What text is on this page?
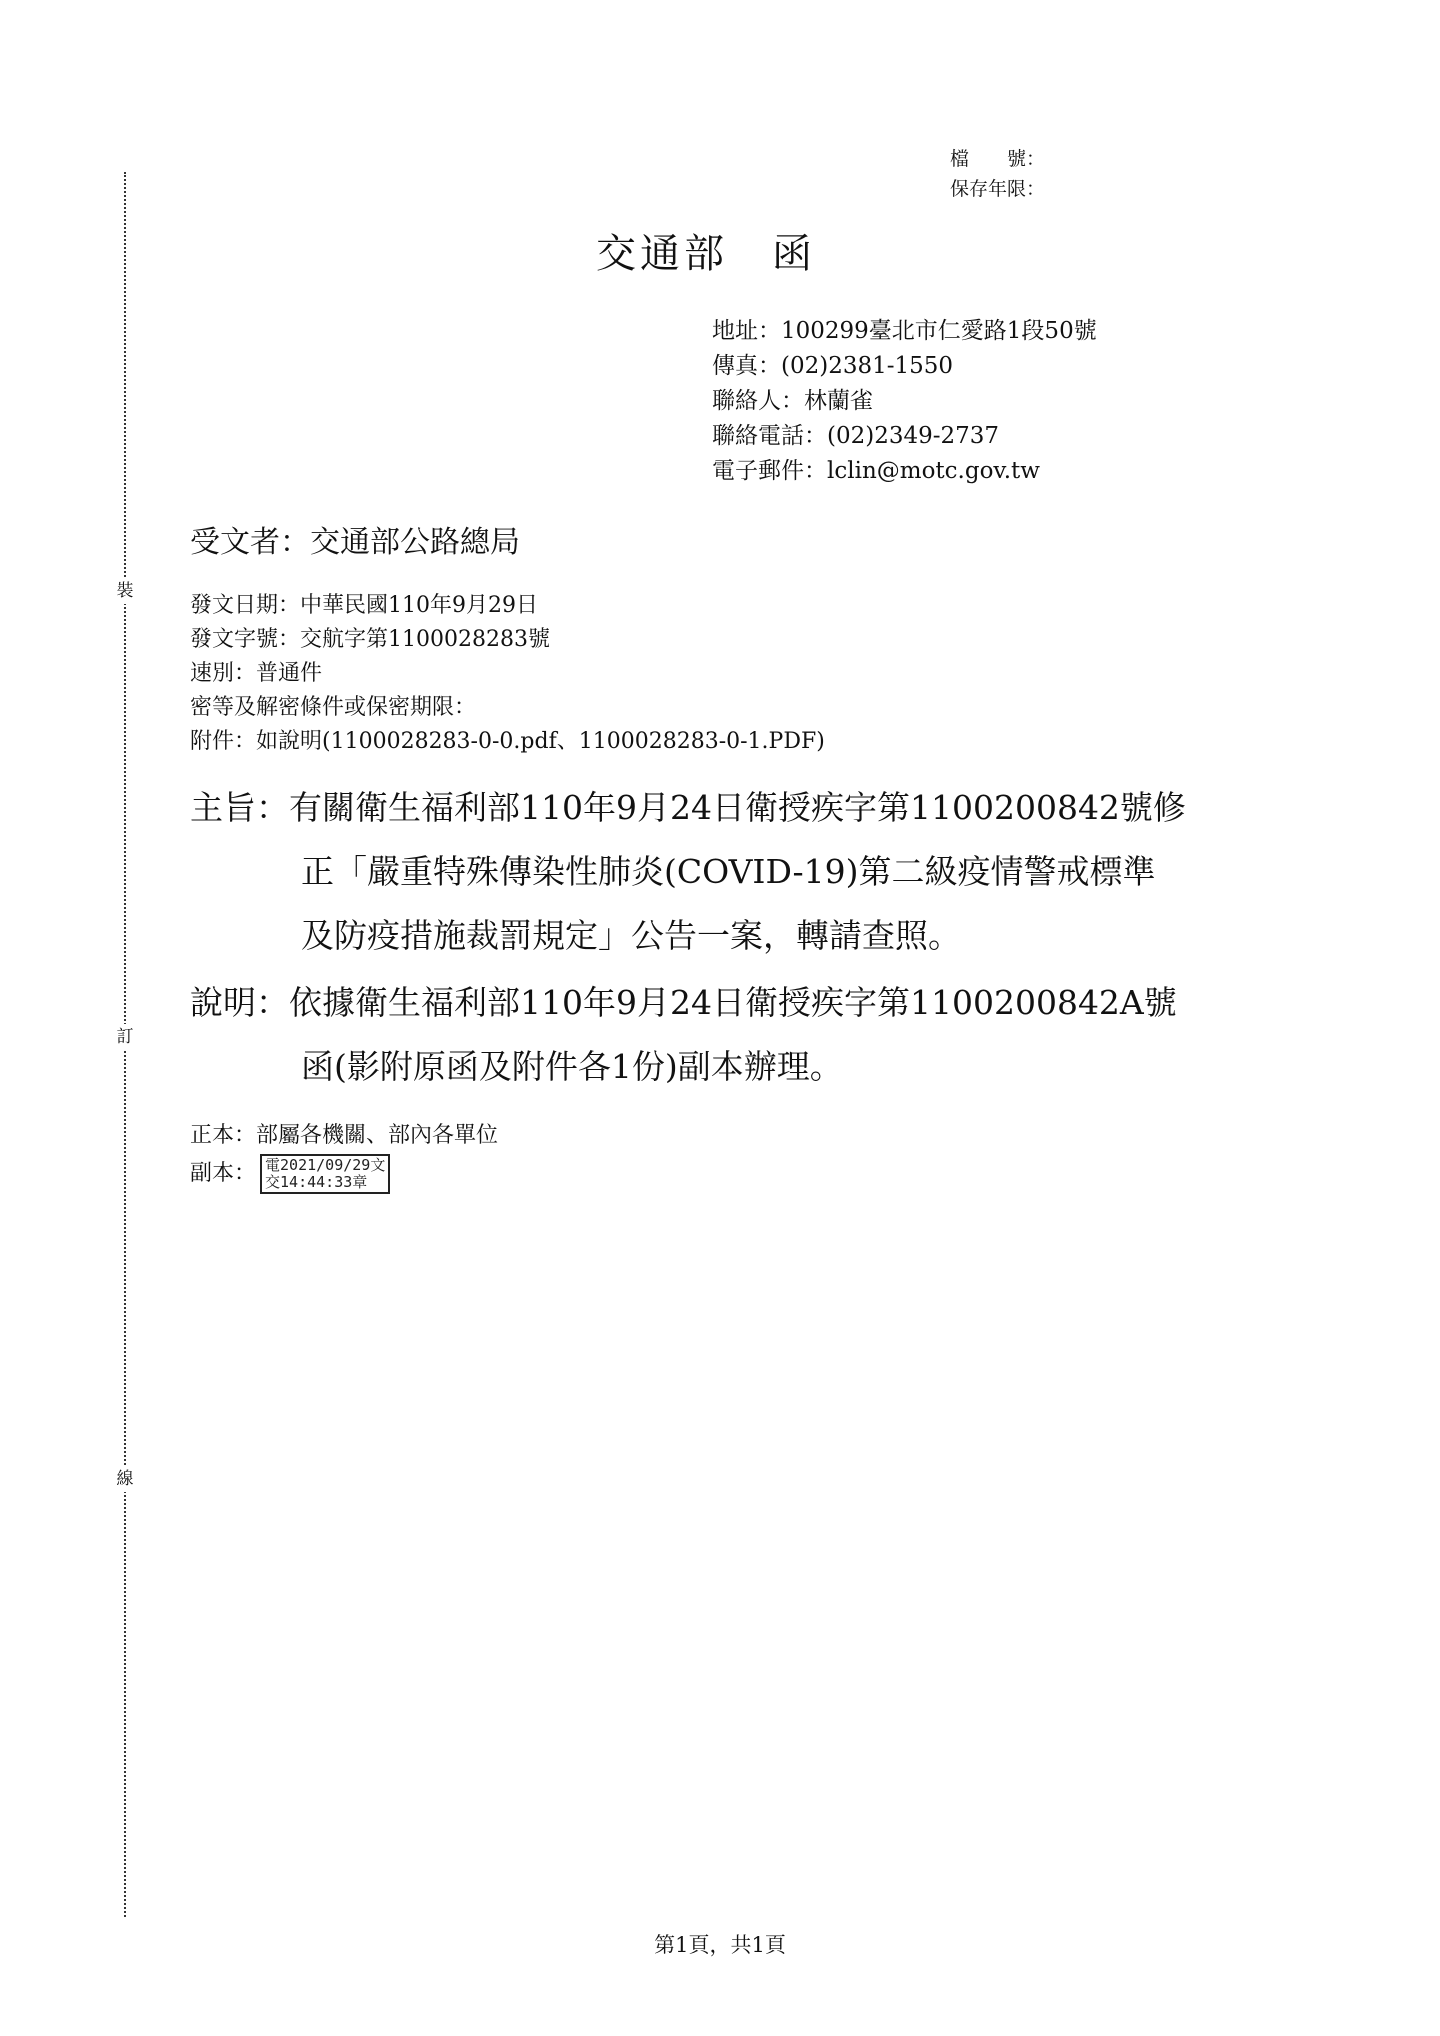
裝
訂
線
檔　　號：
保存年限：
交通部　函
地址：100299臺北市仁愛路1段50號
傳真：(02)2381-1550
聯絡人：林蘭雀
聯絡電話：(02)2349-2737
電子郵件：lclin@motc.gov.tw
受文者：交通部公路總局
發文日期：中華民國110年9月29日
發文字號：交航字第1100028283號
速別：普通件
密等及解密條件或保密期限：
附件：如說明(1100028283-0-0.pdf、1100028283-0-1.PDF)
主旨：有關衛生福利部110年9月24日衛授疾字第1100200842號修
正「嚴重特殊傳染性肺炎(COVID-19)第二級疫情警戒標準
及防疫措施裁罰規定」公告一案，轉請查照。
說明：依據衛生福利部110年9月24日衛授疾字第1100200842A號
函(影附原函及附件各1份)副本辦理。
正本：部屬各機關、部內各單位
副本： 電2021/09/29文
交14:44:33章
第1頁，共1頁
